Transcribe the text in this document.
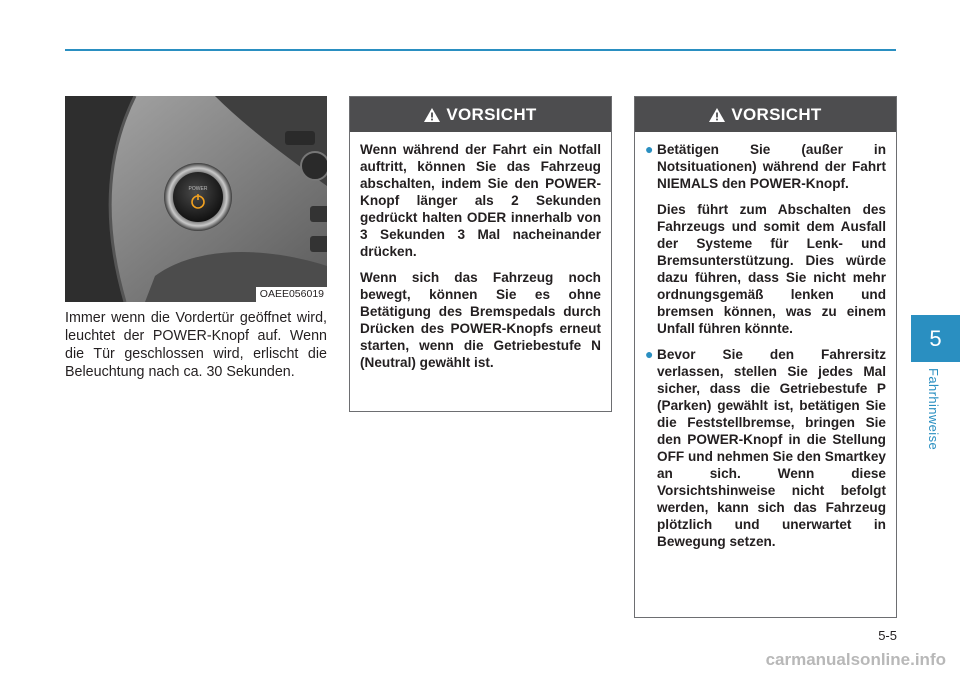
POWER
OAEE056019
Immer wenn die Vordertür geöffnet wird, leuchtet der POWER-Knopf auf. Wenn die Tür geschlossen wird, erlischt die Beleuchtung nach ca. 30 Sekunden.
VORSICHT

Wenn während der Fahrt ein Notfall auftritt, können Sie das Fahrzeug abschalten, indem Sie den POWER-Knopf länger als 2 Sekunden gedrückt halten ODER innerhalb von 3 Sekunden 3 Mal nacheinander drücken.

Wenn sich das Fahrzeug noch bewegt, können Sie es ohne Betätigung des Bremspedals durch Drücken des POWER-Knopfs erneut starten, wenn die Getriebestufe N (Neutral) gewählt ist.

VORSICHT

● Betätigen Sie (außer in Notsituationen) während der Fahrt NIEMALS den POWER-Knopf.

Dies führt zum Abschalten des Fahrzeugs und somit dem Ausfall der Systeme für Lenk- und Bremsunterstützung. Dies würde dazu führen, dass Sie nicht mehr ordnungsgemäß lenken und bremsen können, was zu einem Unfall führen könnte.

● Bevor Sie den Fahrersitz verlassen, stellen Sie jedes Mal sicher, dass die Getriebestufe P (Parken) gewählt ist, betätigen Sie die Feststellbremse, bringen Sie den POWER-Knopf in die Stellung OFF und nehmen Sie den Smartkey an sich. Wenn diese Vorsichtshinweise nicht befolgt werden, kann sich das Fahrzeug plötzlich und unerwartet in Bewegung setzen.

5
Fahrhinweise
5-5
carmanualsonline.info
